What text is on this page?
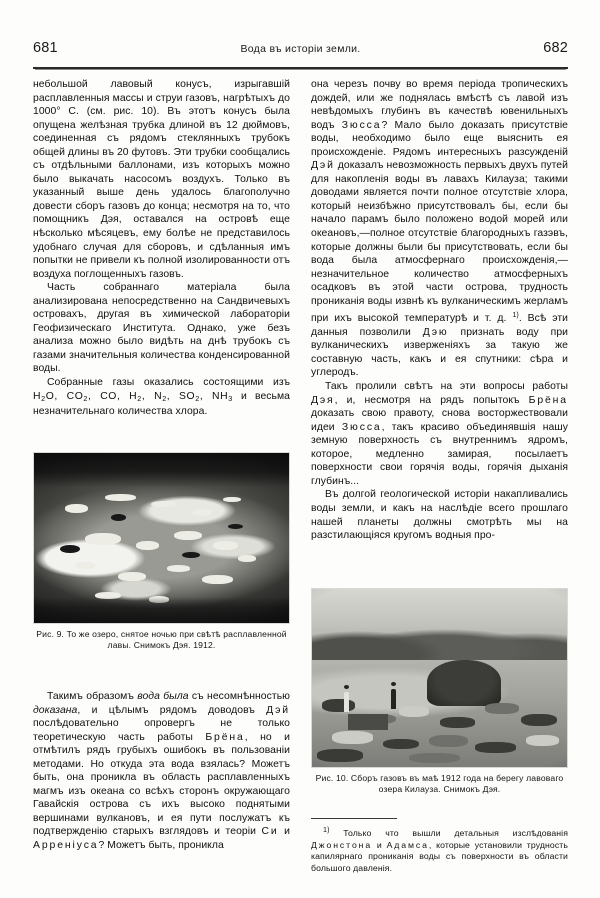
681	Вода въ исторіи земли.	682

небольшой лавовый конусъ, изрыгавшій расплавленныя массы и струи газовъ, нагрѣтыхъ до 1000° С. (см. рис. 10). Въ этотъ конусъ была опущена желѣзная трубка длиной въ 12 дюймовъ, соединенная съ рядомъ стеклянныхъ трубокъ общей длины въ 20 футовъ. Эти трубки сообщались съ отдѣльными баллонами, изъ которыхъ можно было выкачать насосомъ воздухъ. Только въ указанный выше день удалось благополучно довести сборъ газовъ до конца; несмотря на то, что помощникъ Дэя, оставался на островѣ еще нѣсколько мѣсяцевъ, ему болѣе не представилось удобнаго случая для сборовъ, и сдѣланныя имъ попытки не привели къ полной изолированности отъ воздуха поглощенныхъ газовъ.

Часть собраннаго матеріала была анализирована непосредственно на Сандвичевыхъ островахъ, другая въ химической лабораторіи Геофизическаго Института. Однако, уже безъ анализа можно было видѣть на днѣ трубокъ съ газами значительныя количества конденсированной воды.

Собранные газы оказались состоящими изъ $H_2O$, $CO_2$, CO, $H_2$, $N_2$, $SO_2$, $NH_3$ и весьма незначительнаго количества хлора.

Рис. 9. То же озеро, снятое ночью при свѣтѣ расплавленной лавы. Снимокъ Дэя. 1912.

Такимъ образомъ вода была съ несомнѣнностью доказана, и цѣлымъ рядомъ доводовъ Дэй послѣдовательно опровергъ не только теоретическую часть работы Брёна, но и отмѣтилъ рядъ грубыхъ ошибокъ въ пользованіи методами. Но откуда эта вода взялась? Можетъ быть, она проникла въ область расплавленныхъ магмъ изъ океана со всѣхъ сторонъ окружающаго Гавайскія острова съ ихъ высоко поднятыми вершинами вулкановъ, и ея пути послужатъ къ подтвержденію старыхъ взглядовъ и теоріи Си и Аррeніуса? Можетъ быть, проникла

она черезъ почву во время періода тропическихъ дождей, или же поднялась вмѣстѣ съ лавой изъ невѣдомыхъ глубинъ въ качествѣ ювенильныхъ водъ Зюсса? Мало было доказать присутствіе воды, необходимо было еще выяснить ея происхожденіе. Рядомъ интересныхъ разсужденій Дэй доказалъ невозможность первыхъ двухъ путей для накопленія воды въ лавахъ Килауза; такими доводами является почти полное отсутствіе хлора, который неизбѣжно присутствовалъ бы, если бы начало парамъ было положено водой морей или океановъ,—полное отсутствіе благородныхъ газэвъ, которые должны были бы присутствовать, если бы вода была атмосфернаго происхожденія,—незначительное количество атмосферныхъ осадковъ въ этой части острова, трудность прониканія воды извнѣ къ вулканическимъ жерламъ при ихъ высокой температурѣ и т. д. $^{1)}$. Всѣ эти данныя позволили Дэю признать воду при вулканическихъ изверженіяхъ за такую же составную часть, какъ и ея спутники: сѣра и углеродъ.

Такъ пролили свѣтъ на эти вопросы работы Дэя, и, несмотря на рядъ попытокъ Брёна доказать свою правоту, снова восторжествовали идеи Зюсса, такъ красиво объединявшія нашу земную поверхность съ внутреннимъ ядромъ, которое, медленно замирая, посылаетъ поверхности свои горячія воды, горячія дыханія глубинъ...

Въ долгой геологической исторіи накапливались воды земли, и какъ на наслѣдіе всего прошлаго нашей планеты должны смотрѣть мы на разстилающіяся кругомъ водныя про-

Рис. 10. Сборъ газовъ въ маѣ 1912 года на берегу лавоваго озера Килауза. Снимокъ Дэя.

$^{1)}$ Только что вышли детальныя изслѣдованія Джонстона и Адамса, которые установили трудность капилярнаго прониканія воды съ поверхности въ области большого давленія.
